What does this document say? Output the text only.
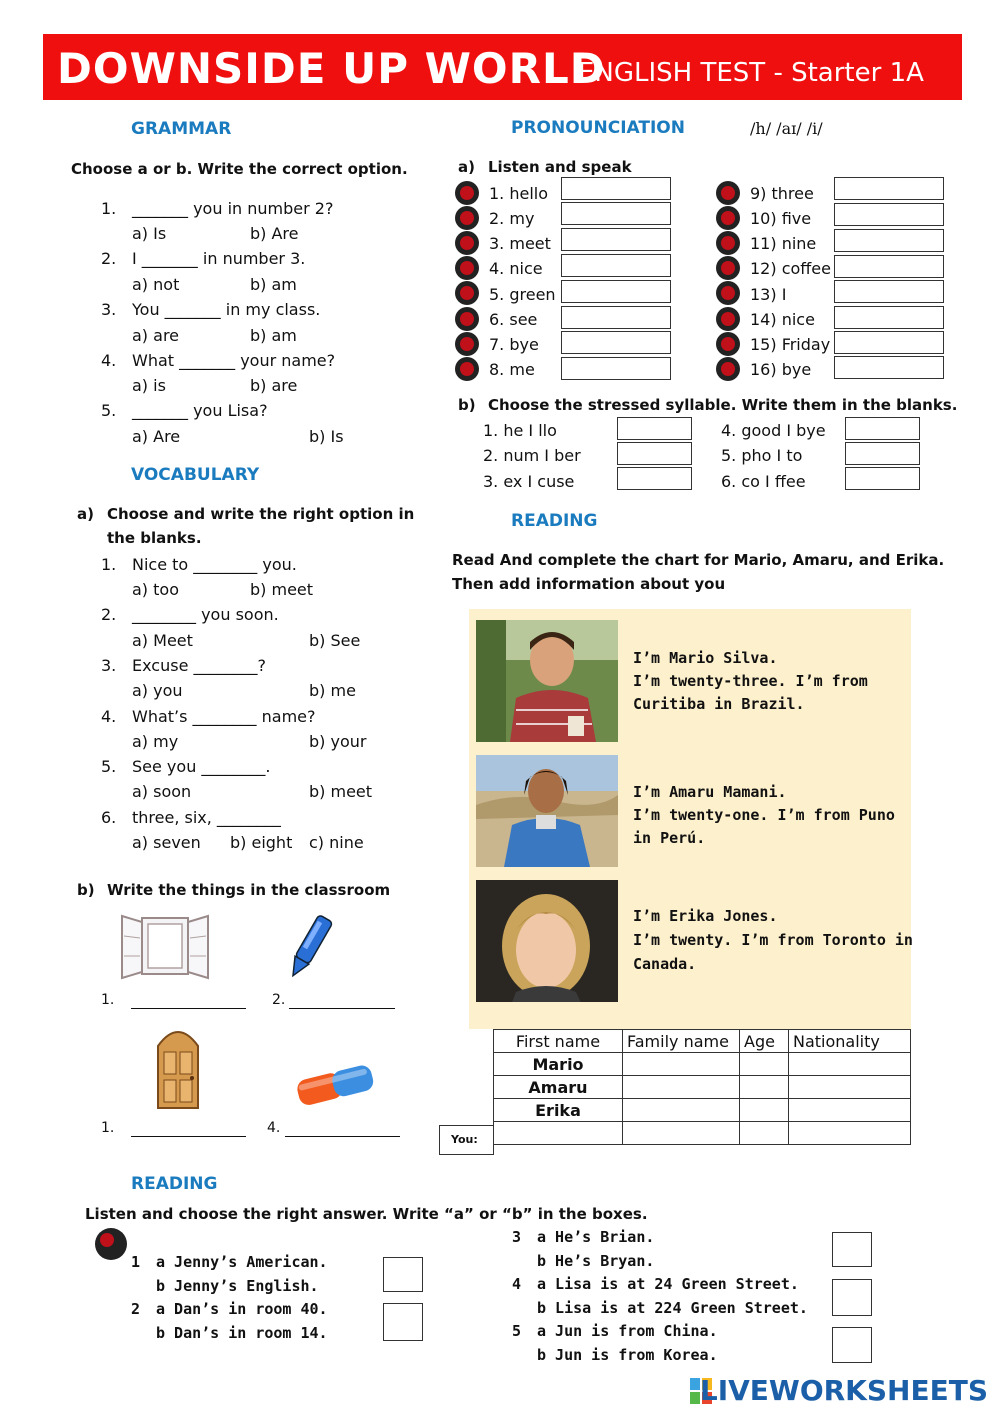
DOWNSIDE UP WORLD
ENGLISH TEST - Starter 1A
GRAMMAR
Choose a or b. Write the correct option.
1. _______ you in number 2?
a) Is	b) Are
2. I _______ in number 3.
a) not	b) am
3. You _______ in my class.
a) are	b) am
4. What _______ your name?
a) is	b) are
5. _______ you Lisa?
a) Are	b) Is
VOCABULARY
a) Choose and write the right option in
the blanks.
1. Nice to ________ you.
a) too	b) meet
2. ________ you soon.
a) Meet	b) See
3. Excuse ________?
a) you	b) me
4. What’s ________ name?
a) my	b) your
5. See you ________.
a) soon	b) meet
6. three, six, ________
a) seven b) eight c) nine
b) Write the things in the classroom
1.	2.
1.	4.
PRONOUNCIATION	/h/ /aɪ/ /i/
a) Listen and speak
1. hello
2. my
3. meet
4. nice
5. green
6. see
7. bye
8. me
9) three
10) five
11) nine
12) coffee
13) I
14) nice
15) Friday
16) bye
b) Choose the stressed syllable. Write them in the blanks.
1. he I llo
2. num I ber
3. ex I cuse
4. good I bye
5. pho I to
6. co I ffee
READING
Read And complete the chart for Mario, Amaru, and Erika.
Then add information about you
I’m Mario Silva.
I’m twenty-three. I’m from
Curitiba in Brazil.
I’m Amaru Mamani.
I’m twenty-one. I’m from Puno
in Perú.
I’m Erika Jones.
I’m twenty. I’m from Toronto in
Canada.
First name	Family name	Age	Nationality
Mario			
Amaru			
Erika			

You:
READING
Listen and choose the right answer. Write “a” or “b” in the boxes.
1 a Jenny’s American.
b Jenny’s English.
2 a Dan’s in room 40.
b Dan’s in room 14.
3 a He’s Brian.
b He’s Bryan.
4 a Lisa is at 24 Green Street.
b Lisa is at 224 Green Street.
5 a Jun is from China.
b Jun is from Korea.
LIVEWORKSHEETS
